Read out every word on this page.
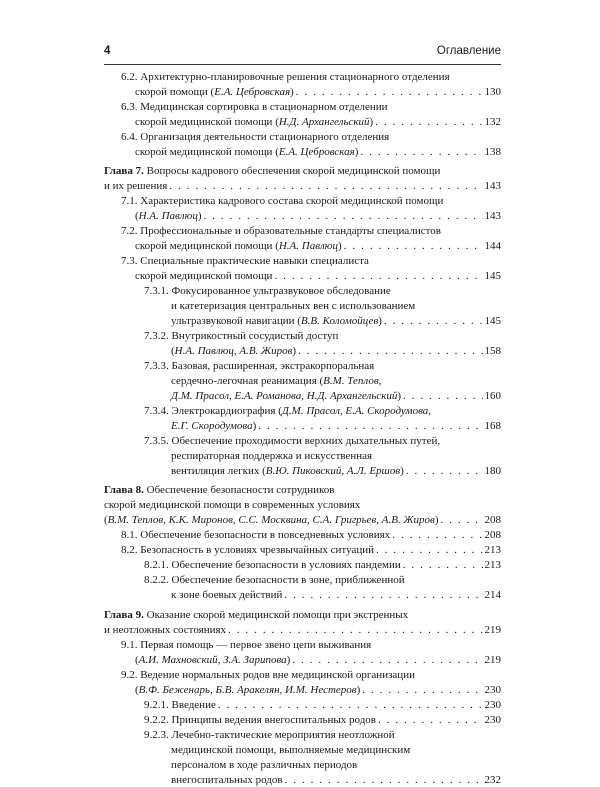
4	Оглавление
6.2. Архитектурно-планировочные решения стационарного отделения
скорой помощи (Е.А. Цебровская) . . .	130
6.3. Медицинская сортировка в стационарном отделении
скорой медицинской помощи (Н.Д. Архангельский) . . .	132
6.4. Организация деятельности стационарного отделения
скорой медицинской помощи (Е.А. Цебровская) . . .	138
Глава 7. Вопросы кадрового обеспечения скорой медицинской помощи
и их решения . . .	143
7.1. Характеристика кадрового состава скорой медицинской помощи
(Н.А. Павлюц) . . .	143
7.2. Профессиональные и образовательные стандарты специалистов
скорой медицинской помощи (Н.А. Павлюц) . . .	144
7.3. Специальные практические навыки специалиста
скорой медицинской помощи . . .	145
7.3.1. Фокусированное ультразвуковое обследование
и катетеризация центральных вен с использованием
ультразвуковой навигации (В.В. Коломойцев) . . .	145
7.3.2. Внутрикостный сосудистый доступ
(Н.А. Павлюц, А.В. Жиров) . . .	158
7.3.3. Базовая, расширенная, экстракорпоральная
сердечно-легочная реанимация (В.М. Теплов,
Д.М. Прасол, Е.А. Романова, Н.Д. Архангельский) . . .	160
7.3.4. Электрокардиография (Д.М. Прасол, Е.А. Скородумова,
Е.Г. Скородумова) . . .	168
7.3.5. Обеспечение проходимости верхних дыхательных путей,
респираторная поддержка и искусственная
вентиляция легких (В.Ю. Пиковский, А.Л. Ершов) . . .	180
Глава 8. Обеспечение безопасности сотрудников
скорой медицинской помощи в современных условиях
(В.М. Теплов, К.К. Миронов, С.С. Москвина, С.А. Григрьев, А.В. Жиров) . . .	208
8.1. Обеспечение безопасности в повседневных условиях . . .	208
8.2. Безопасность в условиях чрезвычайных ситуаций . . .	213
8.2.1. Обеспечение безопасности в условиях пандемии . . .	213
8.2.2. Обеспечение безопасности в зоне, приближенной
к зоне боевых действий . . .	214
Глава 9. Оказание скорой медицинской помощи при экстренных
и неотложных состояниях . . .	219
9.1. Первая помощь — первое звено цепи выживания
(А.И. Махновский, З.А. Зарипова) . . .	219
9.2. Ведение нормальных родов вне медицинской организации
(В.Ф. Беженарь, Б.В. Аракелян, И.М. Нестеров) . . .	230
9.2.1. Введение . . .	230
9.2.2. Принципы ведения внегоспитальных родов . . .	230
9.2.3. Лечебно-тактические мероприятия неотложной
медицинской помощи, выполняемые медицинским
персоналом в ходе различных периодов
внегоспитальных родов . . .	232
